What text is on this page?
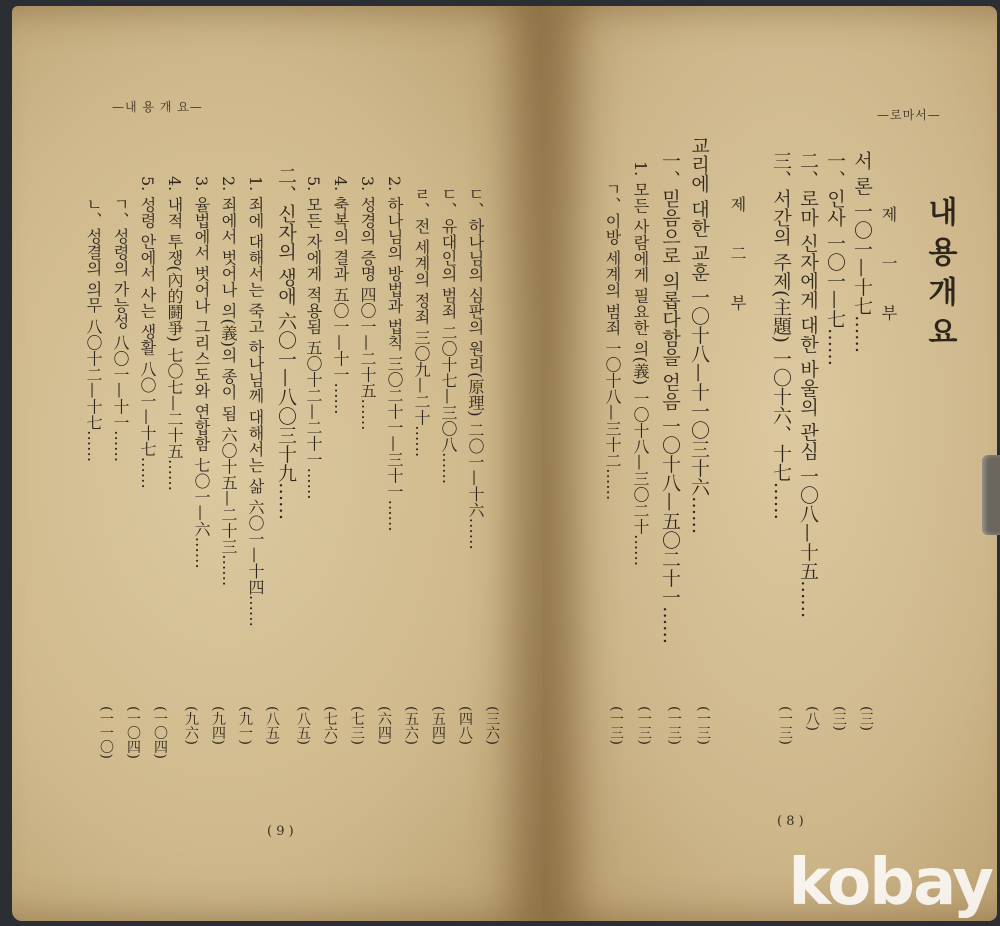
—내 용 개 요—
ㄷ、하나님의 심판의 원리(原理) 二〇一—十六……
(三六)
ㄷ、유대인의 범죄 二〇十七—三〇八……
(四八)
ㄹ、전 세계의 정죄 三〇九—二十……
(五四)
2. 하나님의 방법과 법칙 三〇二十一—三十一……
(五六)
3. 성경의 증명 四〇一—二十五……
(六四)
4. 축복의 결과 五〇一—十一……
(七三)
5. 모든 자에게 적용됨 五〇十二—二十一……
(七六)
二、신자의 생애 六〇一—八〇三十九……
(八五)
1. 죄에 대해서는 죽고 하나님께 대해서는 삶 六〇一—十四……
(八五)
2. 죄에서 벗어나 의(義)의 종이 됨 六〇十五—二十三……
(九一)
3. 율법에서 벗어나 그리스도와 연합함 七〇一—六……
(九四)
4. 내적 투쟁(內的鬪爭) 七〇七—二十五……
(九六)
5. 성령 안에서 사는 생활 八〇一—十七……
(一〇四)
ㄱ、성령의 가능성 八〇一—十一……
(一〇四)
ㄴ、성결의 의무 八〇十二—十七……
(一一〇)
( 9 )
—로마서—
내용개요
제 一 부
서 론 一〇一—十七……
(三)
一、인사 一〇一—七……
(三)
二、로마 신자에게 대한 바울의 관심 一〇八—十五……
(八)
三、서간의 주제(主題) 一〇十六、十七……
(一三)
제 二 부
교리에 대한 교훈 一〇十八—十一〇三十六……
(一三)
一、믿음으로 의롭다함을 얻음 一〇十八—五〇二十一……
(一三)
1. 모든 사람에게 필요한 의(義) 一〇十八—三〇二十……
(一三)
ㄱ、이방 세계의 범죄 一〇十八—三十二……
(一三)
( 8 )
kobay
